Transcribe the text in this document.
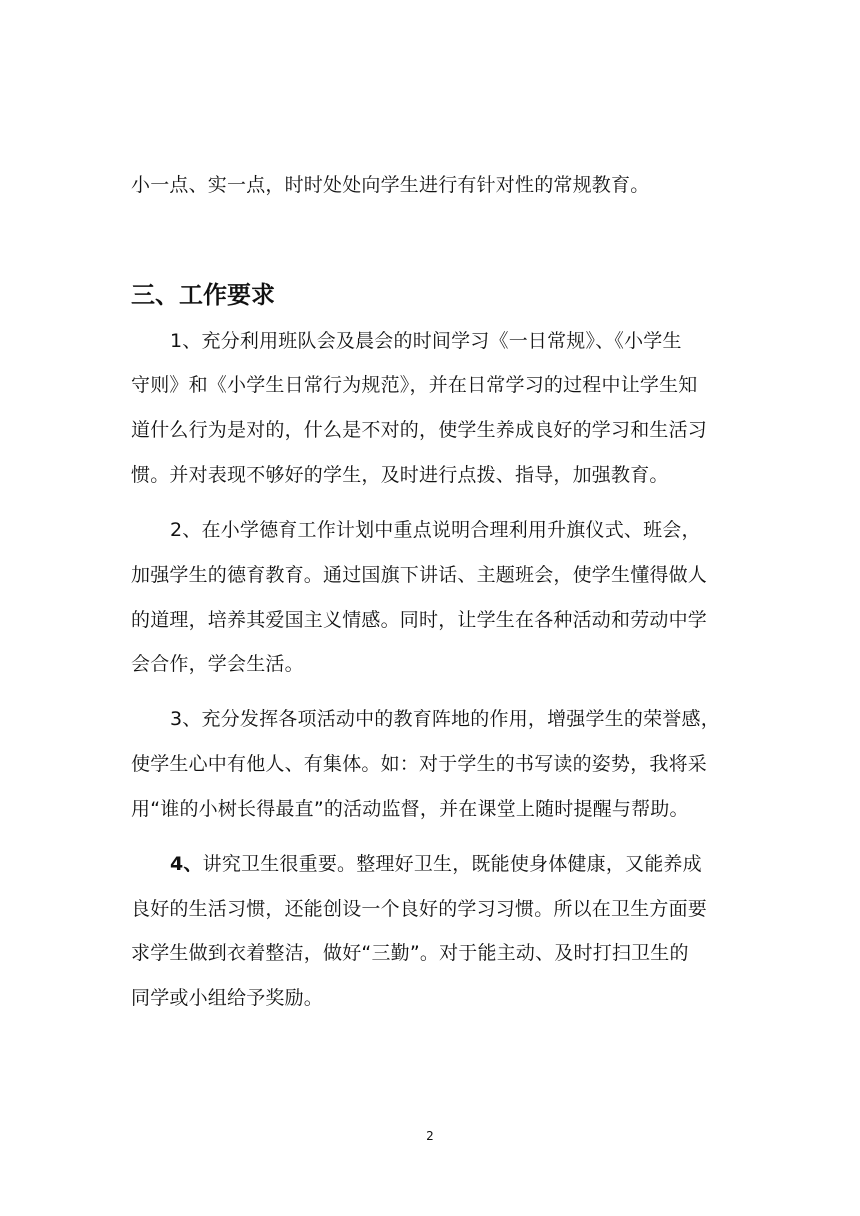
小一点、实一点，时时处处向学生进行有针对性的常规教育。
三、工作要求
1、充分利用班队会及晨会的时间学习《一日常规》、《小学生
守则》和《小学生日常行为规范》，并在日常学习的过程中让学生知
道什么行为是对的，什么是不对的，使学生养成良好的学习和生活习
惯。并对表现不够好的学生，及时进行点拨、指导，加强教育。
2、在小学德育工作计划中重点说明合理利用升旗仪式、班会，
加强学生的德育教育。通过国旗下讲话、主题班会，使学生懂得做人
的道理，培养其爱国主义情感。同时，让学生在各种活动和劳动中学
会合作，学会生活。
3、充分发挥各项活动中的教育阵地的作用，增强学生的荣誉感，
使学生心中有他人、有集体。如：对于学生的书写读的姿势，我将采
用“谁的小树长得最直”的活动监督，并在课堂上随时提醒与帮助。
4、讲究卫生很重要。整理好卫生，既能使身体健康，又能养成
良好的生活习惯，还能创设一个良好的学习习惯。所以在卫生方面要
求学生做到衣着整洁，做好“三勤”。对于能主动、及时打扫卫生的
同学或小组给予奖励。
2
